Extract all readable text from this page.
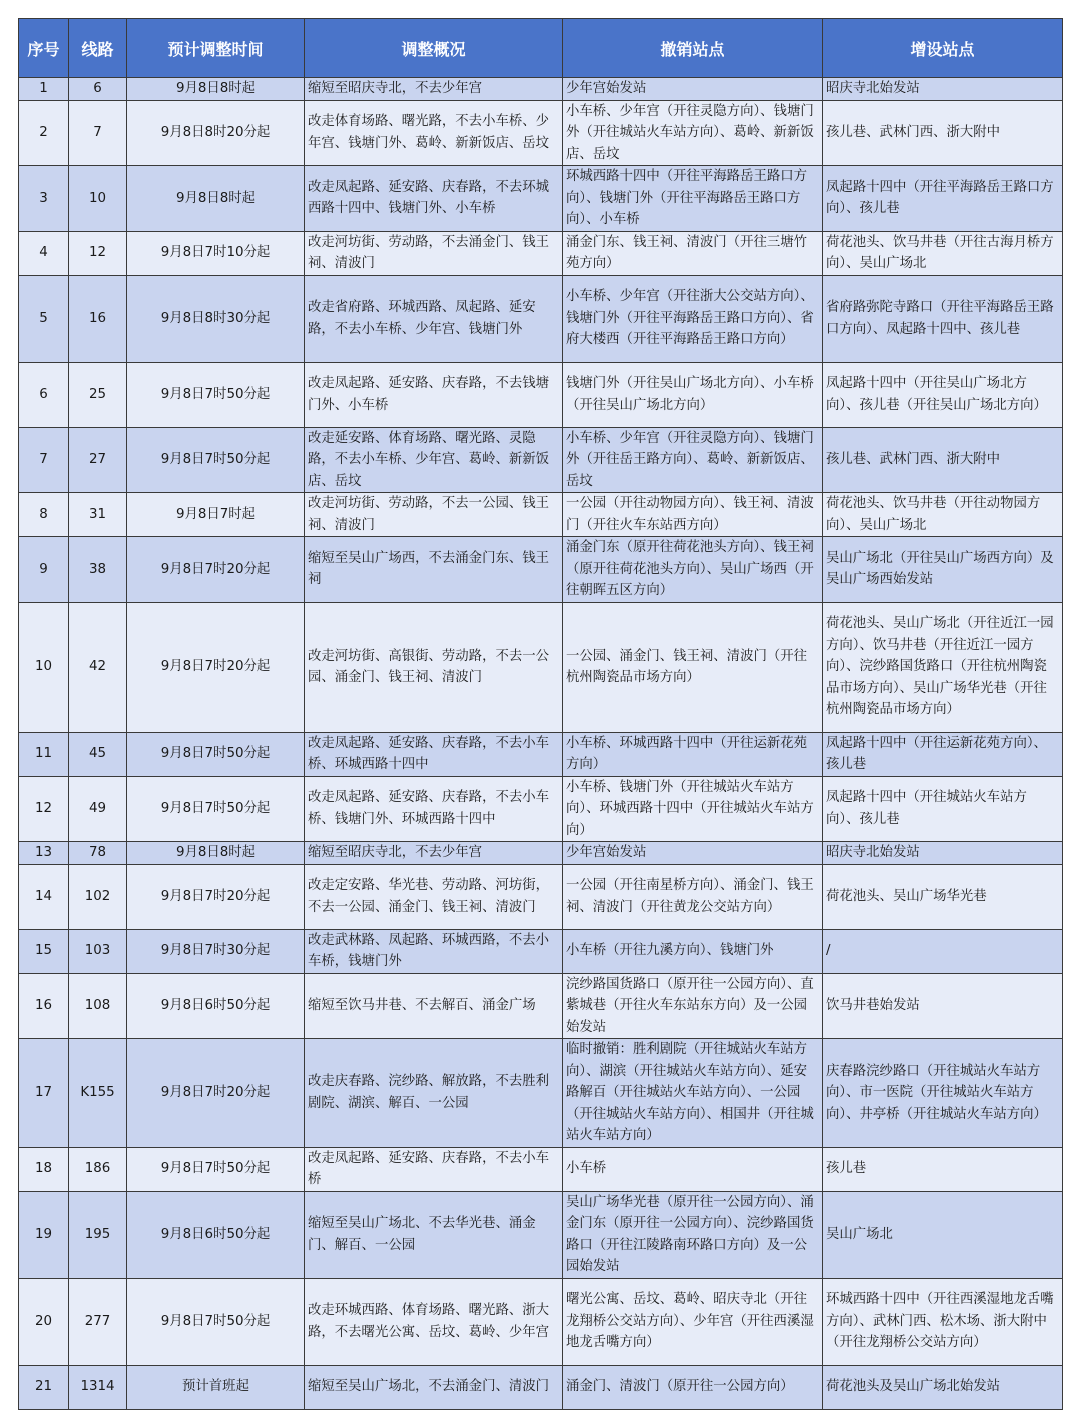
序号	线路	预计调整时间	调整概况	撤销站点	增设站点
1	6	9月8日8时起	缩短至昭庆寺北，不去少年宫	少年宫始发站	昭庆寺北始发站
2	7	9月8日8时20分起	改走体育场路、曙光路，不去小车桥、少年宫、钱塘门外、葛岭、新新饭店、岳坟	小车桥、少年宫（开往灵隐方向）、钱塘门外（开往城站火车站方向）、葛岭、新新饭店、岳坟	孩儿巷、武林门西、浙大附中
3	10	9月8日8时起	改走凤起路、延安路、庆春路，不去环城西路十四中、钱塘门外、小车桥	环城西路十四中（开往平海路岳王路口方向）、钱塘门外（开往平海路岳王路口方向）、小车桥	凤起路十四中（开往平海路岳王路口方向）、孩儿巷
4	12	9月8日7时10分起	改走河坊街、劳动路，不去涌金门、钱王祠、清波门	涌金门东、钱王祠、清波门（开往三塘竹苑方向）	荷花池头、饮马井巷（开往古海月桥方向）、吴山广场北
5	16	9月8日8时30分起	改走省府路、环城西路、凤起路、延安路，不去小车桥、少年宫、钱塘门外	小车桥、少年宫（开往浙大公交站方向）、钱塘门外（开往平海路岳王路口方向）、省府大楼西（开往平海路岳王路口方向）	省府路弥陀寺路口（开往平海路岳王路口方向）、凤起路十四中、孩儿巷
6	25	9月8日7时50分起	改走凤起路、延安路、庆春路，不去钱塘门外、小车桥	钱塘门外（开往吴山广场北方向）、小车桥（开往吴山广场北方向）	凤起路十四中（开往吴山广场北方向）、孩儿巷（开往吴山广场北方向）
7	27	9月8日7时50分起	改走延安路、体育场路、曙光路、灵隐路，不去小车桥、少年宫、葛岭、新新饭店、岳坟	小车桥、少年宫（开往灵隐方向）、钱塘门外（开往岳王路方向）、葛岭、新新饭店、岳坟	孩儿巷、武林门西、浙大附中
8	31	9月8日7时起	改走河坊街、劳动路，不去一公园、钱王祠、清波门	一公园（开往动物园方向）、钱王祠、清波门（开往火车东站西方向）	荷花池头、饮马井巷（开往动物园方向）、吴山广场北
9	38	9月8日7时20分起	缩短至吴山广场西，不去涌金门东、钱王祠	涌金门东（原开往荷花池头方向）、钱王祠（原开往荷花池头方向）、吴山广场西（开往朝晖五区方向）	吴山广场北（开往吴山广场西方向）及吴山广场西始发站
10	42	9月8日7时20分起	改走河坊街、高银街、劳动路，不去一公园、涌金门、钱王祠、清波门	一公园、涌金门、钱王祠、清波门（开往杭州陶瓷品市场方向）	荷花池头、吴山广场北（开往近江一园方向）、饮马井巷（开往近江一园方向）、浣纱路国货路口（开往杭州陶瓷品市场方向）、吴山广场华光巷（开往杭州陶瓷品市场方向）
11	45	9月8日7时50分起	改走凤起路、延安路、庆春路，不去小车桥、环城西路十四中	小车桥、环城西路十四中（开往运新花苑方向）	凤起路十四中（开往运新花苑方向）、孩儿巷
12	49	9月8日7时50分起	改走凤起路、延安路、庆春路，不去小车桥、钱塘门外、环城西路十四中	小车桥、钱塘门外（开往城站火车站方向）、环城西路十四中（开往城站火车站方向）	凤起路十四中（开往城站火车站方向）、孩儿巷
13	78	9月8日8时起	缩短至昭庆寺北，不去少年宫	少年宫始发站	昭庆寺北始发站
14	102	9月8日7时20分起	改走定安路、华光巷、劳动路、河坊街，不去一公园、涌金门、钱王祠、清波门	一公园（开往南星桥方向）、涌金门、钱王祠、清波门（开往黄龙公交站方向）	荷花池头、吴山广场华光巷
15	103	9月8日7时30分起	改走武林路、凤起路、环城西路，不去小车桥，钱塘门外	小车桥（开往九溪方向）、钱塘门外	/
16	108	9月8日6时50分起	缩短至饮马井巷、不去解百、涌金广场	浣纱路国货路口（原开往一公园方向）、直紫城巷（开往火车东站东方向）及一公园始发站	饮马井巷始发站
17	K155	9月8日7时20分起	改走庆春路、浣纱路、解放路，不去胜利剧院、湖滨、解百、一公园	临时撤销：胜利剧院（开往城站火车站方向）、湖滨（开往城站火车站方向）、延安路解百（开往城站火车站方向）、一公园（开往城站火车站方向）、相国井（开往城站火车站方向）	庆春路浣纱路口（开往城站火车站方向）、市一医院（开往城站火车站方向）、井亭桥（开往城站火车站方向）
18	186	9月8日7时50分起	改走凤起路、延安路、庆春路，不去小车桥	小车桥	孩儿巷
19	195	9月8日6时50分起	缩短至吴山广场北、不去华光巷、涌金门、解百、一公园	吴山广场华光巷（原开往一公园方向）、涌金门东（原开往一公园方向）、浣纱路国货路口（开往江陵路南环路口方向）及一公园始发站	吴山广场北
20	277	9月8日7时50分起	改走环城西路、体育场路、曙光路、浙大路，不去曙光公寓、岳坟、葛岭、少年宫	曙光公寓、岳坟、葛岭、昭庆寺北（开往龙翔桥公交站方向）、少年宫（开往西溪湿地龙舌嘴方向）	环城西路十四中（开往西溪湿地龙舌嘴方向）、武林门西、松木场、浙大附中（开往龙翔桥公交站方向）
21	1314	预计首班起	缩短至吴山广场北，不去涌金门、清波门	涌金门、清波门（原开往一公园方向）	荷花池头及吴山广场北始发站
